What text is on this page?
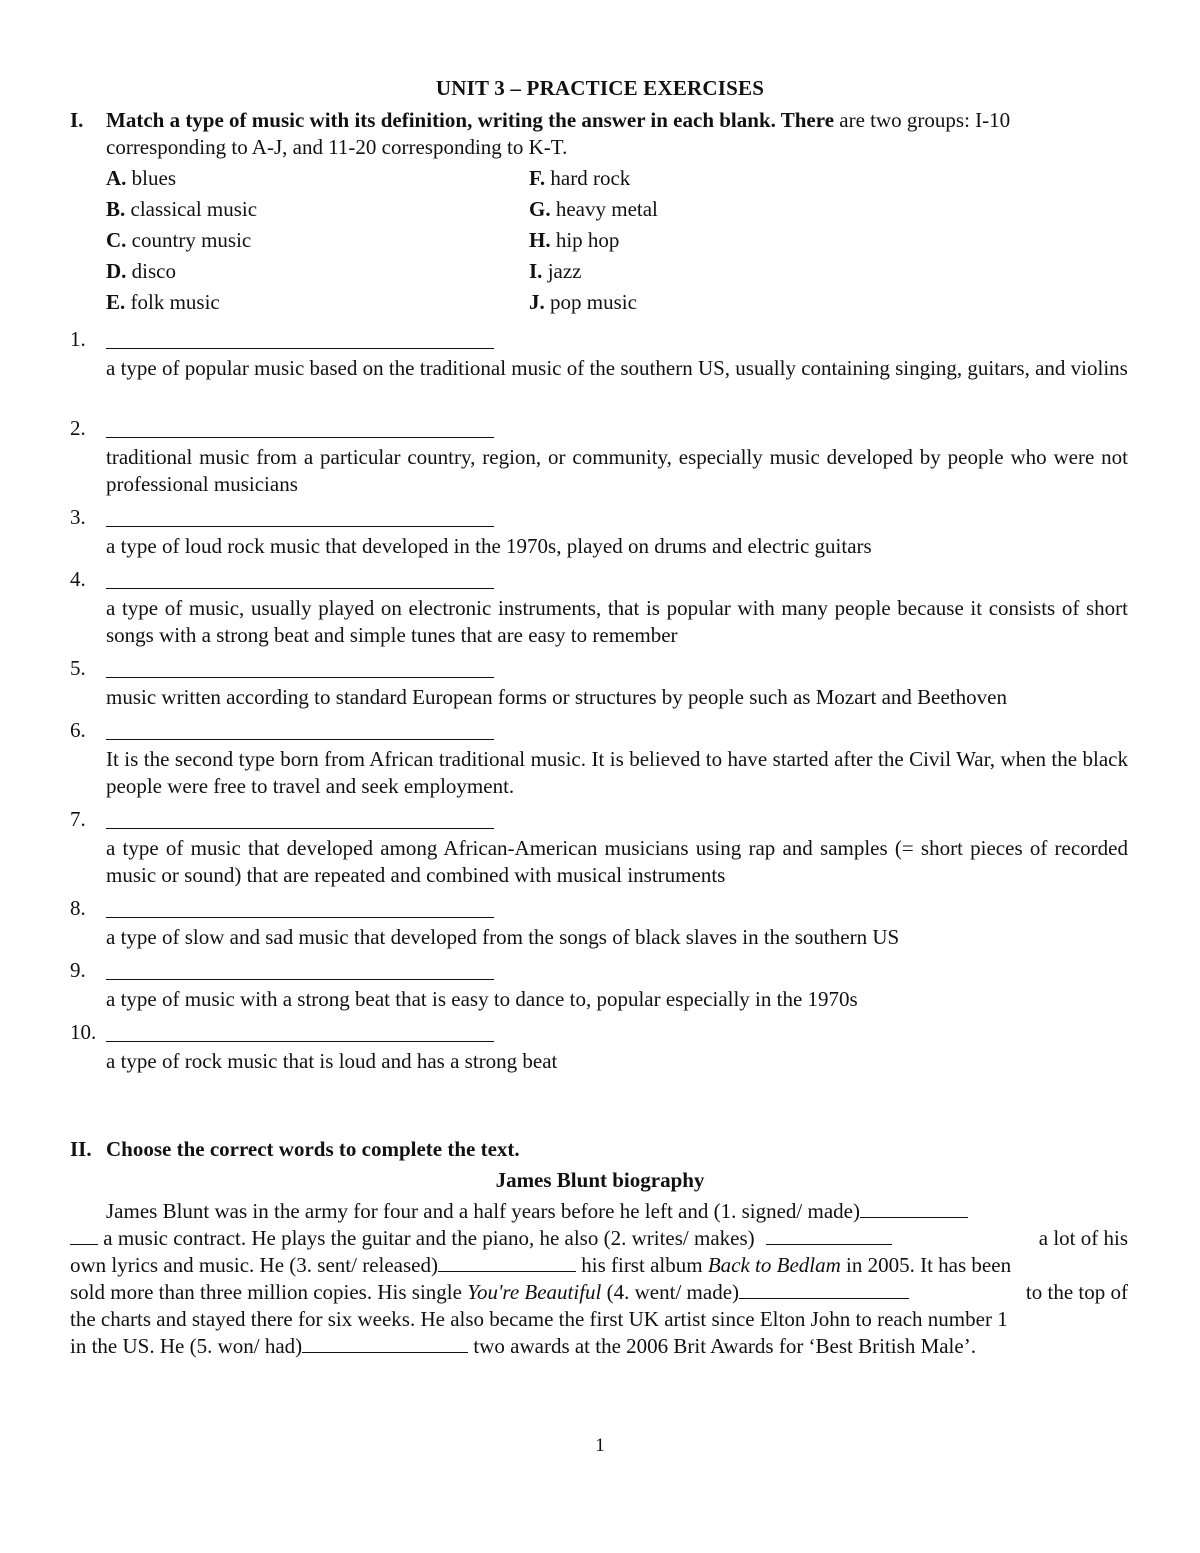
UNIT 3 – PRACTICE EXERCISES
I. Match a type of music with its definition, writing the answer in each blank. There are two groups: I-10
corresponding to A-J, and 11-20 corresponding to K-T.
A. blues
B. classical music
C. country music
D. disco
E. folk music
F. hard rock
G. heavy metal
H. hip hop
I. jazz
J. pop music
1.
a type of popular music based on the traditional music of the southern US, usually containing singing, guitars, and violins
2.
traditional music from a particular country, region, or community, especially music developed by people who were not professional musicians
3.
a type of loud rock music that developed in the 1970s, played on drums and electric guitars
4.
a type of music, usually played on electronic instruments, that is popular with many people because it consists of short songs with a strong beat and simple tunes that are easy to remember
5.
music written according to standard European forms or structures by people such as Mozart and Beethoven
6.
It is the second type born from African traditional music. It is believed to have started after the Civil War, when the black people were free to travel and seek employment.
7.
a type of music that developed among African-American musicians using rap and samples (= short pieces of recorded music or sound) that are repeated and combined with musical instruments
8.
a type of slow and sad music that developed from the songs of black slaves in the southern US
9.
a type of music with a strong beat that is easy to dance to, popular especially in the 1970s
10.
a type of rock music that is loud and has a strong beat
II. Choose the correct words to complete the text.
James Blunt biography
James Blunt was in the army for four and a half years before he left and (1. signed/ made)
a music contract. He plays the guitar and the piano, he also (2. writes/ makes)	a lot of his
own lyrics and music. He (3. sent/ released)	his first album Back to Bedlam in 2005. It has been
sold more than three million copies. His single You're Beautiful (4. went/ made)	to the top of
the charts and stayed there for six weeks. He also became the first UK artist since Elton John to reach number 1
in the US. He (5. won/ had)	two awards at the 2006 Brit Awards for ‘Best British Male’.
1
